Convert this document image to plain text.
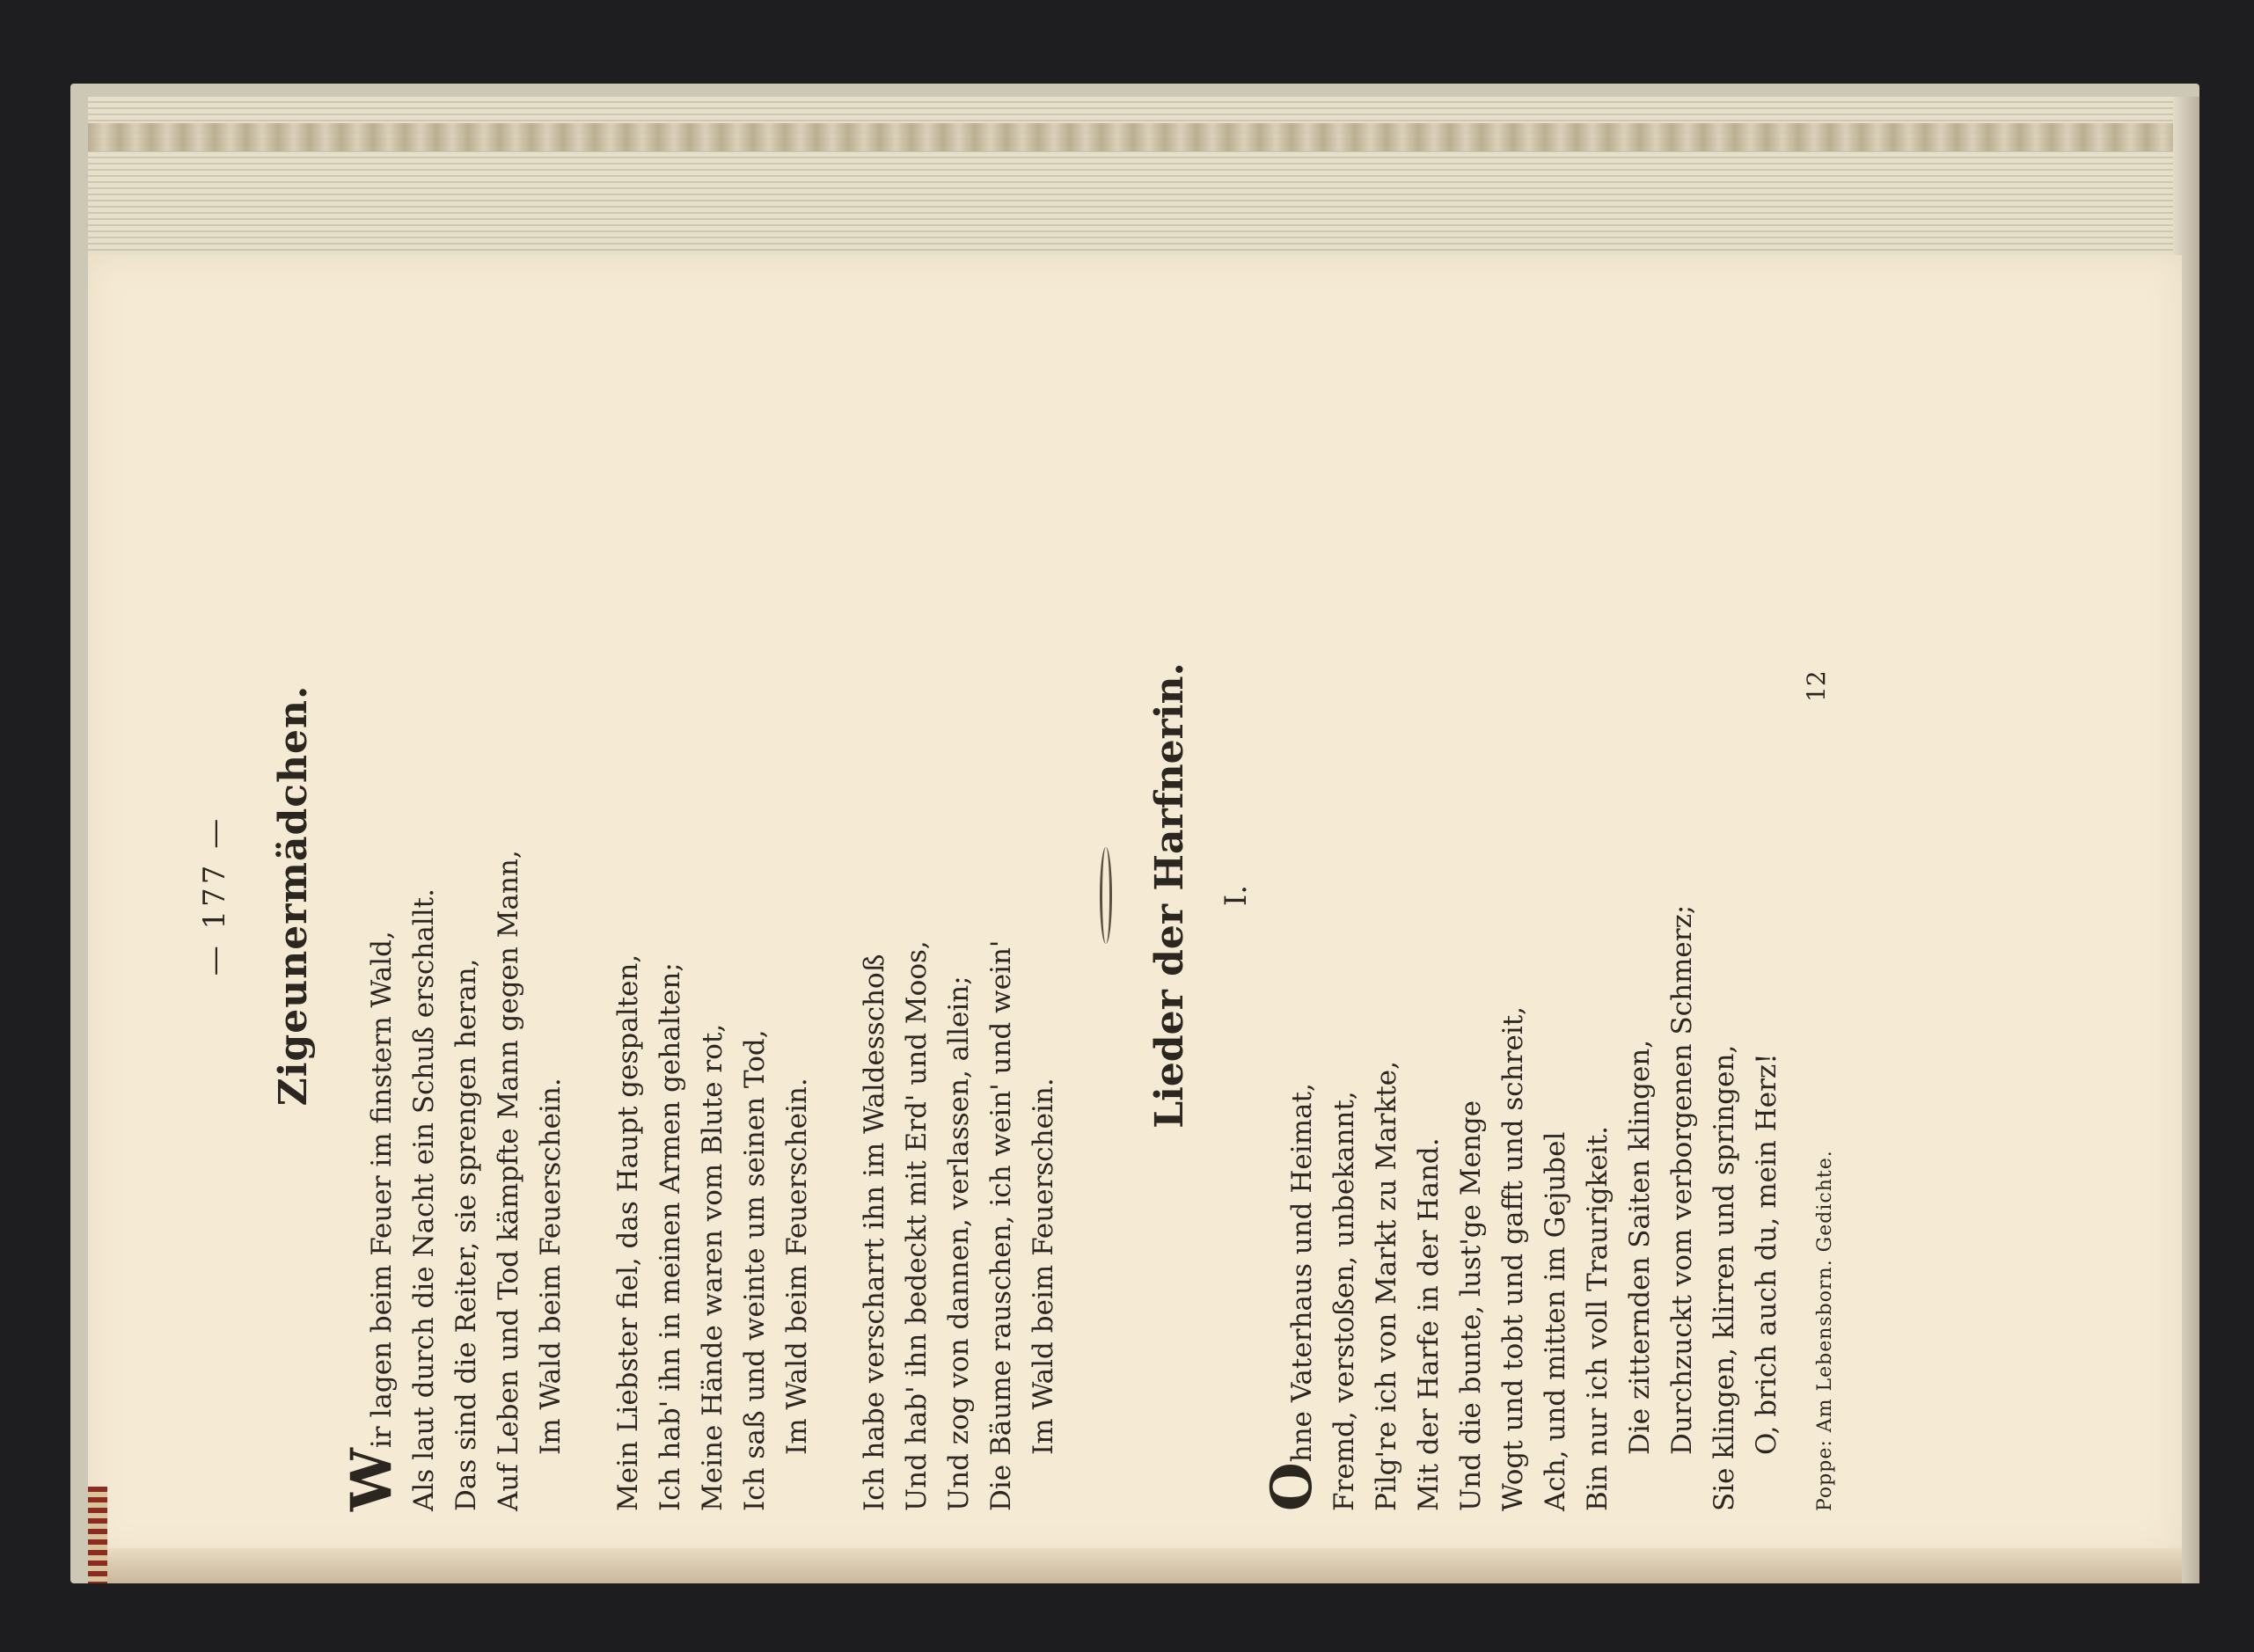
— 177 — Zigeunermädchen.
Wir lagen beim Feuer im finstern Wald, Als laut durch die Nacht ein Schuß erschallt. Das sind die Reiter, sie sprengen heran, Auf Leben und Tod kämpfte Mann gegen Mann, Im Wald beim Feuerschein. Mein Liebster fiel, das Haupt gespalten, Ich hab' ihn in meinen Armen gehalten; Meine Hände waren vom Blute rot, Ich saß und weinte um seinen Tod, Im Wald beim Feuerschein. Ich habe verscharrt ihn im Waldesschoß Und hab' ihn bedeckt mit Erd' und Moos, Und zog von dannen, verlassen, allein; Die Bäume rauschen, ich wein' und wein' Im Wald beim Feuerschein.
Lieder der Harfnerin. I.
Ohne Vaterhaus und Heimat, Fremd, verstoßen, unbekannt, Pilg're ich von Markt zu Markte, Mit der Harfe in der Hand. Und die bunte, lust'ge Menge Wogt und tobt und gafft und schreit, Ach, und mitten im Gejubel Bin nur ich voll Traurigkeit. Die zitternden Saiten klingen, Durchzuckt vom verborgenen Schmerz; Sie klingen, klirren und springen, O, brich auch du, mein Herz! Poppe: Am Lebensborn. Gedichte.
12
